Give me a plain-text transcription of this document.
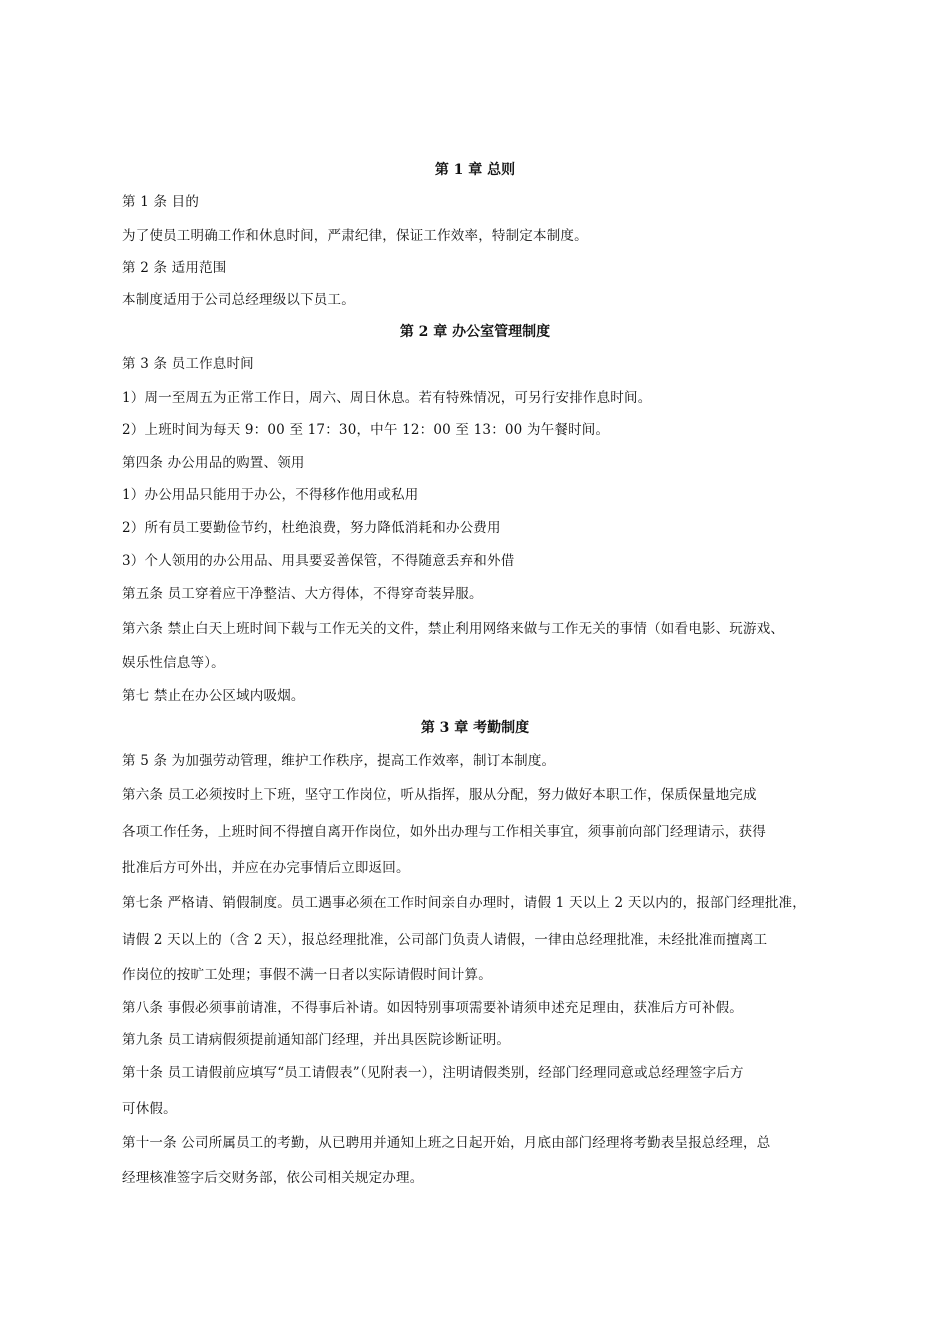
第 1 章 总则
第 1 条 目的
为了使员工明确工作和休息时间，严肃纪律，保证工作效率，特制定本制度。
第 2 条 适用范围
本制度适用于公司总经理级以下员工。
第 2 章 办公室管理制度
第 3 条 员工作息时间
1）周一至周五为正常工作日，周六、周日休息。若有特殊情况，可另行安排作息时间。
2）上班时间为每天 9：00 至 17：30，中午 12：00 至 13：00 为午餐时间。
第四条 办公用品的购置、领用
1）办公用品只能用于办公，不得移作他用或私用
2）所有员工要勤俭节约，杜绝浪费，努力降低消耗和办公费用
3）个人领用的办公用品、用具要妥善保管，不得随意丢弃和外借
第五条 员工穿着应干净整洁、大方得体，不得穿奇装异服。
第六条 禁止白天上班时间下载与工作无关的文件，禁止利用网络来做与工作无关的事情（如看电影、玩游戏、
娱乐性信息等）。
第七 禁止在办公区域内吸烟。
第 3 章 考勤制度
第 5 条 为加强劳动管理，维护工作秩序，提高工作效率，制订本制度。
第六条 员工必须按时上下班，坚守工作岗位，听从指挥，服从分配，努力做好本职工作，保质保量地完成
各项工作任务，上班时间不得擅自离开作岗位，如外出办理与工作相关事宜，须事前向部门经理请示，获得
批准后方可外出，并应在办完事情后立即返回。
第七条 严格请、销假制度。员工遇事必须在工作时间亲自办理时，请假 1 天以上 2 天以内的，报部门经理批准，
请假 2 天以上的（含 2 天），报总经理批准，公司部门负责人请假，一律由总经理批准，未经批准而擅离工
作岗位的按旷工处理；事假不满一日者以实际请假时间计算。
第八条 事假必须事前请准，不得事后补请。如因特别事项需要补请须申述充足理由，获准后方可补假。
第九条 员工请病假须提前通知部门经理，并出具医院诊断证明。
第十条 员工请假前应填写“员工请假表”（见附表一），注明请假类别，经部门经理同意或总经理签字后方
可休假。
第十一条 公司所属员工的考勤，从已聘用并通知上班之日起开始，月底由部门经理将考勤表呈报总经理，总
经理核准签字后交财务部，依公司相关规定办理。
